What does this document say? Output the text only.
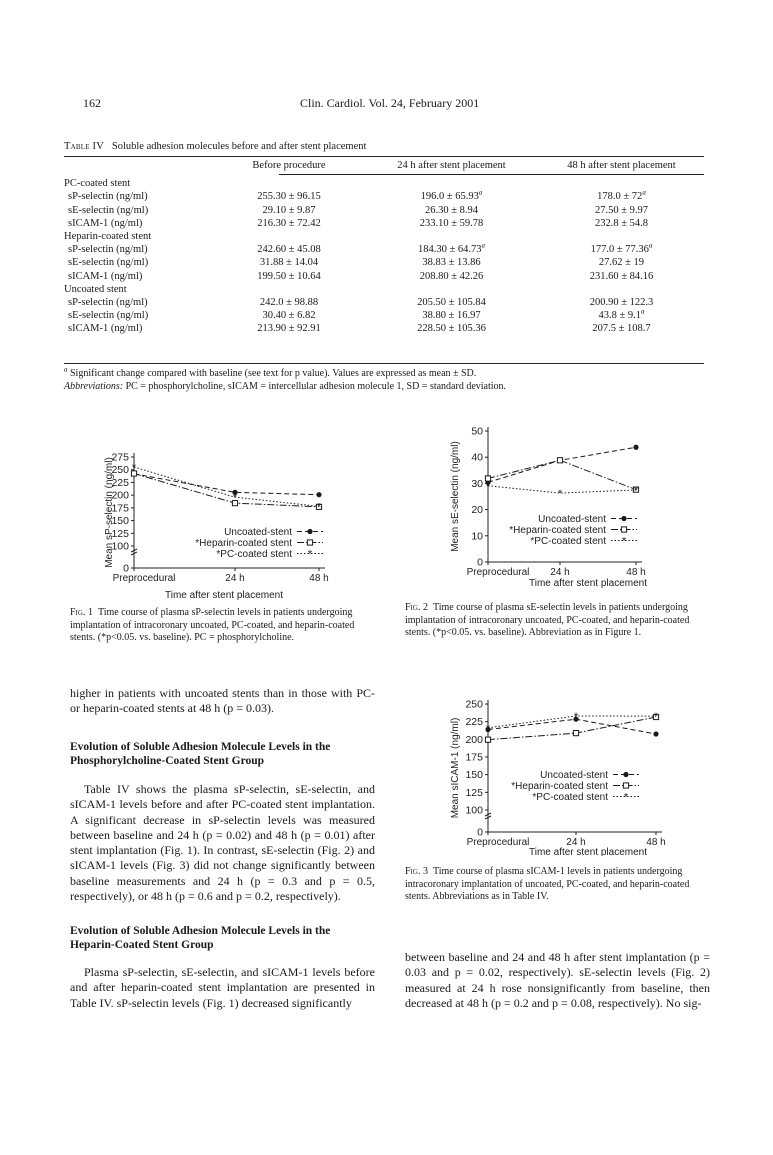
162	Clin. Cardiol. Vol. 24, February 2001
Table IV Soluble adhesion molecules before and after stent placement
	Before procedure	24 h after stent placement	48 h after stent placement
PC-coated stent			
sP-selectin (ng/ml)	255.30 ± 96.15	196.0 ± 65.93$^a$	$178.0 \pm 72^a$
sE-selectin (ng/ml)	29.10 ± 9.87	26.30 ± 8.94	27.50 ± 9.97
sICAM-1 (ng/ml)	216.30 ± 72.42	233.10 ± 59.78	232.8 ± 54.8
Heparin-coated stent			
sP-selectin (ng/ml)	242.60 ± 45.08	184.30 ± 64.73$^a$	177.0 ± 77.36$^a$
sE-selectin (ng/ml)	31.88 ± 14.04	38.83 ± 13.86	27.62 ± 19
sICAM-1 (ng/ml)	199.50 ± 10.64	208.80 ± 42.26	231.60 ± 84.16
Uncoated stent			
sP-selectin (ng/ml)	242.0 ± 98.88	205.50 ± 105.84	200.90 ± 122.3
sE-selectin (ng/ml)	30.40 ± 6.82	38.80 ± 16.97	43.8 ± 9.1$^a$
sICAM-1 (ng/ml)	213.90 ± 92.91	228.50 ± 105.36	207.5 ± 108.7
$^a$ Significant change compared with baseline (see text for p value). Values are expressed as mean ± SD.
Abbreviations: PC = phosphorylcholine, sICAM = intercellular adhesion molecule 1, SD = standard deviation.
0
100
125
150
175
200
225
250
275
Preprocedural	24 h	48 h
Time after stent placement
Mean sP-selectin (ng/ml) *
*
*
Uncoated-stent
*Heparin-coated stent
*PC-coated stent *
Fig. 1 Time course of plasma sP-selectin levels in patients undergoing implantation of intracoronary uncoated, PC-coated, and heparin-coated stents. (*p<0.05. vs. baseline). PC = phosphorylcholine.
0
10
20
30
40
50
Preprocedural 24 h	48 h
Time after stent placement
Mean sE-selectin (ng/ml) *
*	*
Uncoated-stent
*Heparin-coated stent
*PC-coated stent *
Fig. 2 Time course of plasma sE-selectin levels in patients undergoing implantation of intracoronary uncoated, PC-coated, and heparin-coated stents. (*p<0.05. vs. baseline). Abbreviation as in Figure 1.
0
100
125
150
175
200
225
250
Preprocedural	24 h	48 h
Time after stent placement
Mean sICAM-1 (ng/ml) *
*	*
Uncoated-stent
*Heparin-coated stent
*PC-coated stent *
Fig. 3 Time course of plasma sICAM-1 levels in patients undergoing intracoronary implantation of uncoated, PC-coated, and heparin-coated stents. Abbreviations as in Table IV.
higher in patients with uncoated stents than in those with PC- or heparin-coated stents at 48 h (p = 0.03).
Evolution of Soluble Adhesion Molecule Levels in the Phosphorylcholine-Coated Stent Group
Table IV shows the plasma sP-selectin, sE-selectin, and sICAM-1 levels before and after PC-coated stent implantation. A significant decrease in sP-selectin levels was measured between baseline and 24 h (p = 0.02) and 48 h (p = 0.01) after stent implantation (Fig. 1). In contrast, sE-selectin (Fig. 2) and sICAM-1 levels (Fig. 3) did not change significantly between baseline measurements and 24 h (p = 0.3 and p = 0.5, respectively), or 48 h (p = 0.6 and p = 0.2, respectively).
Evolution of Soluble Adhesion Molecule Levels in the Heparin-Coated Stent Group
Plasma sP-selectin, sE-selectin, and sICAM-1 levels before and after heparin-coated stent implantation are presented in Table IV. sP-selectin levels (Fig. 1) decreased significantly
between baseline and 24 and 48 h after stent implantation (p = 0.03 and p = 0.02, respectively). sE-selectin levels (Fig. 2) measured at 24 h rose nonsignificantly from baseline, then decreased at 48 h (p = 0.2 and p = 0.08, respectively). No sig-
